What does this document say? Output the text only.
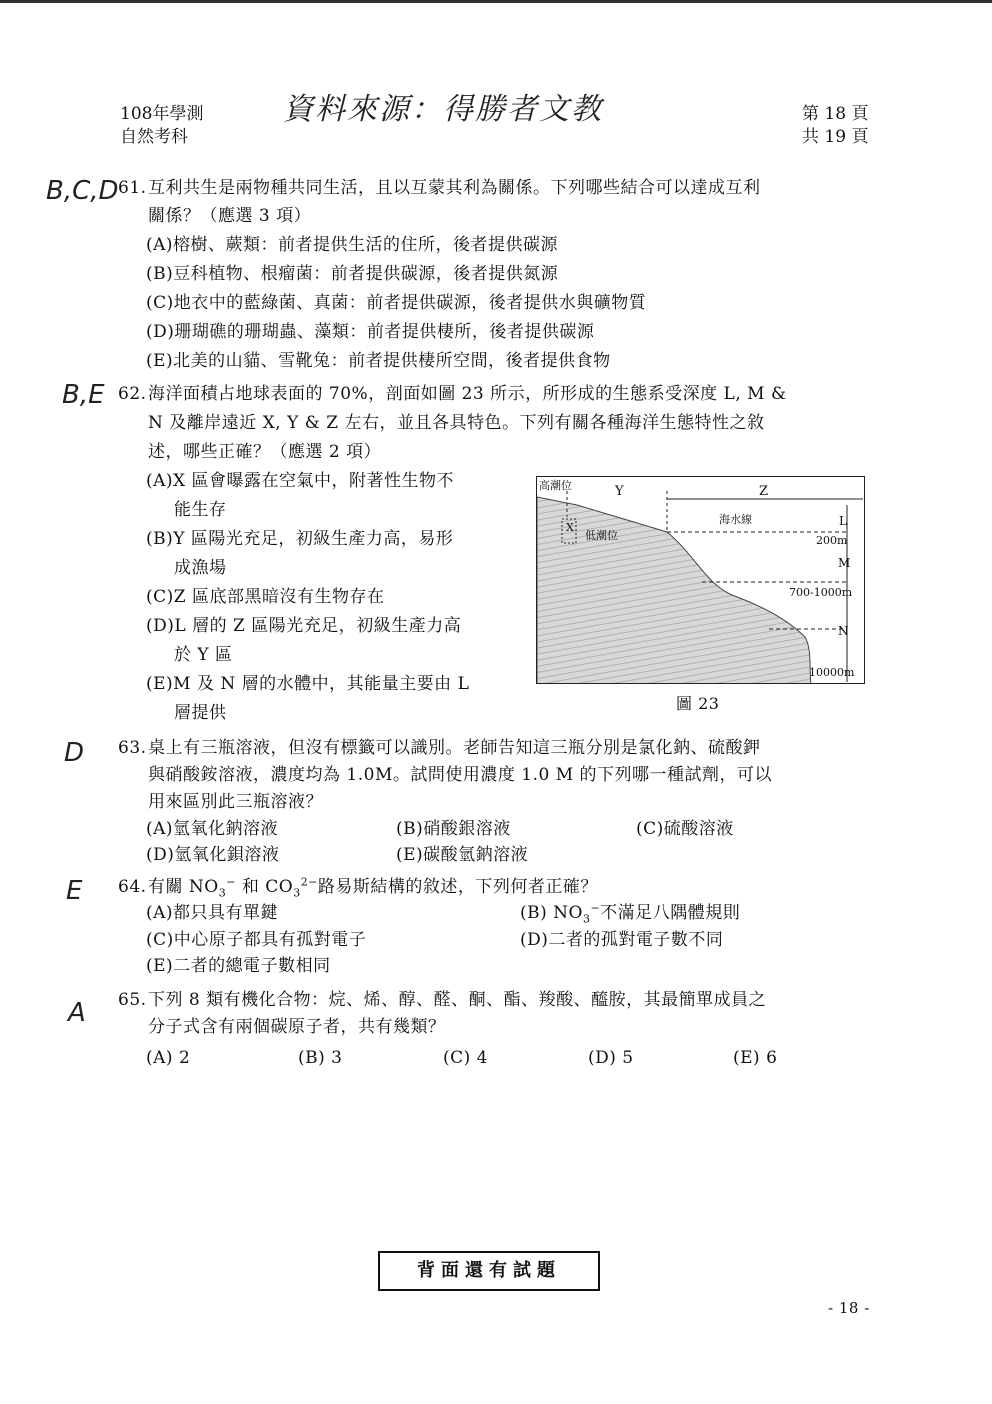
108年學測
自然考科
資料來源：得勝者文教	第 18 頁
共 19 頁
B,C,D 61. 互利共生是兩物種共同生活，且以互蒙其利為關係。下列哪些結合可以達成互利
關係？（應選 3 項）
(A)榕樹、蕨類：前者提供生活的住所，後者提供碳源
(B)豆科植物、根瘤菌：前者提供碳源，後者提供氮源
(C)地衣中的藍綠菌、真菌：前者提供碳源，後者提供水與礦物質
(D)珊瑚礁的珊瑚蟲、藻類：前者提供棲所，後者提供碳源
(E)北美的山貓、雪靴兔：前者提供棲所空間，後者提供食物
B,E 62. 海洋面積占地球表面的 70%，剖面如圖 23 所示，所形成的生態系受深度 L, M &
N 及離岸遠近 X, Y & Z 左右，並且各具特色。下列有關各種海洋生態特性之敘
述，哪些正確？（應選 2 項）
(A)X 區會曝露在空氣中，附著性生物不
能生存
(B)Y 區陽光充足，初級生產力高，易形
成漁場
(C)Z 區底部黑暗沒有生物存在
(D)L 層的 Z 區陽光充足，初級生產力高
於 Y 區
(E)M 及 N 層的水體中，其能量主要由 L
層提供
高潮位	Y	Z
海水線	L
X
低潮位	200m
M
700-1000m
N
10000m
圖 23
D 63. 桌上有三瓶溶液，但沒有標籤可以識別。老師告知這三瓶分別是氯化鈉、硫酸鉀
與硝酸銨溶液，濃度均為 1.0M。試問使用濃度 1.0 M 的下列哪一種試劑，可以
用來區別此三瓶溶液？
(A)氫氧化鈉溶液	(B)硝酸銀溶液	(C)硫酸溶液
(D)氫氧化鋇溶液	(E)碳酸氫鈉溶液
E 64. 有關 $NO_3^-$ 和 $CO_3^{2-}$路易斯結構的敘述，下列何者正確？
(A)都只具有單鍵	(B) $NO_3^-$不滿足八隅體規則
(C)中心原子都具有孤對電子	(D)二者的孤對電子數不同
(E)二者的總電子數相同
A 65. 下列 8 類有機化合物：烷、烯、醇、醛、酮、酯、羧酸、醯胺，其最簡單成員之
分子式含有兩個碳原子者，共有幾類？
(A) 2	(B) 3	(C) 4	(D) 5	(E) 6
背面還有試題
- 18 -
